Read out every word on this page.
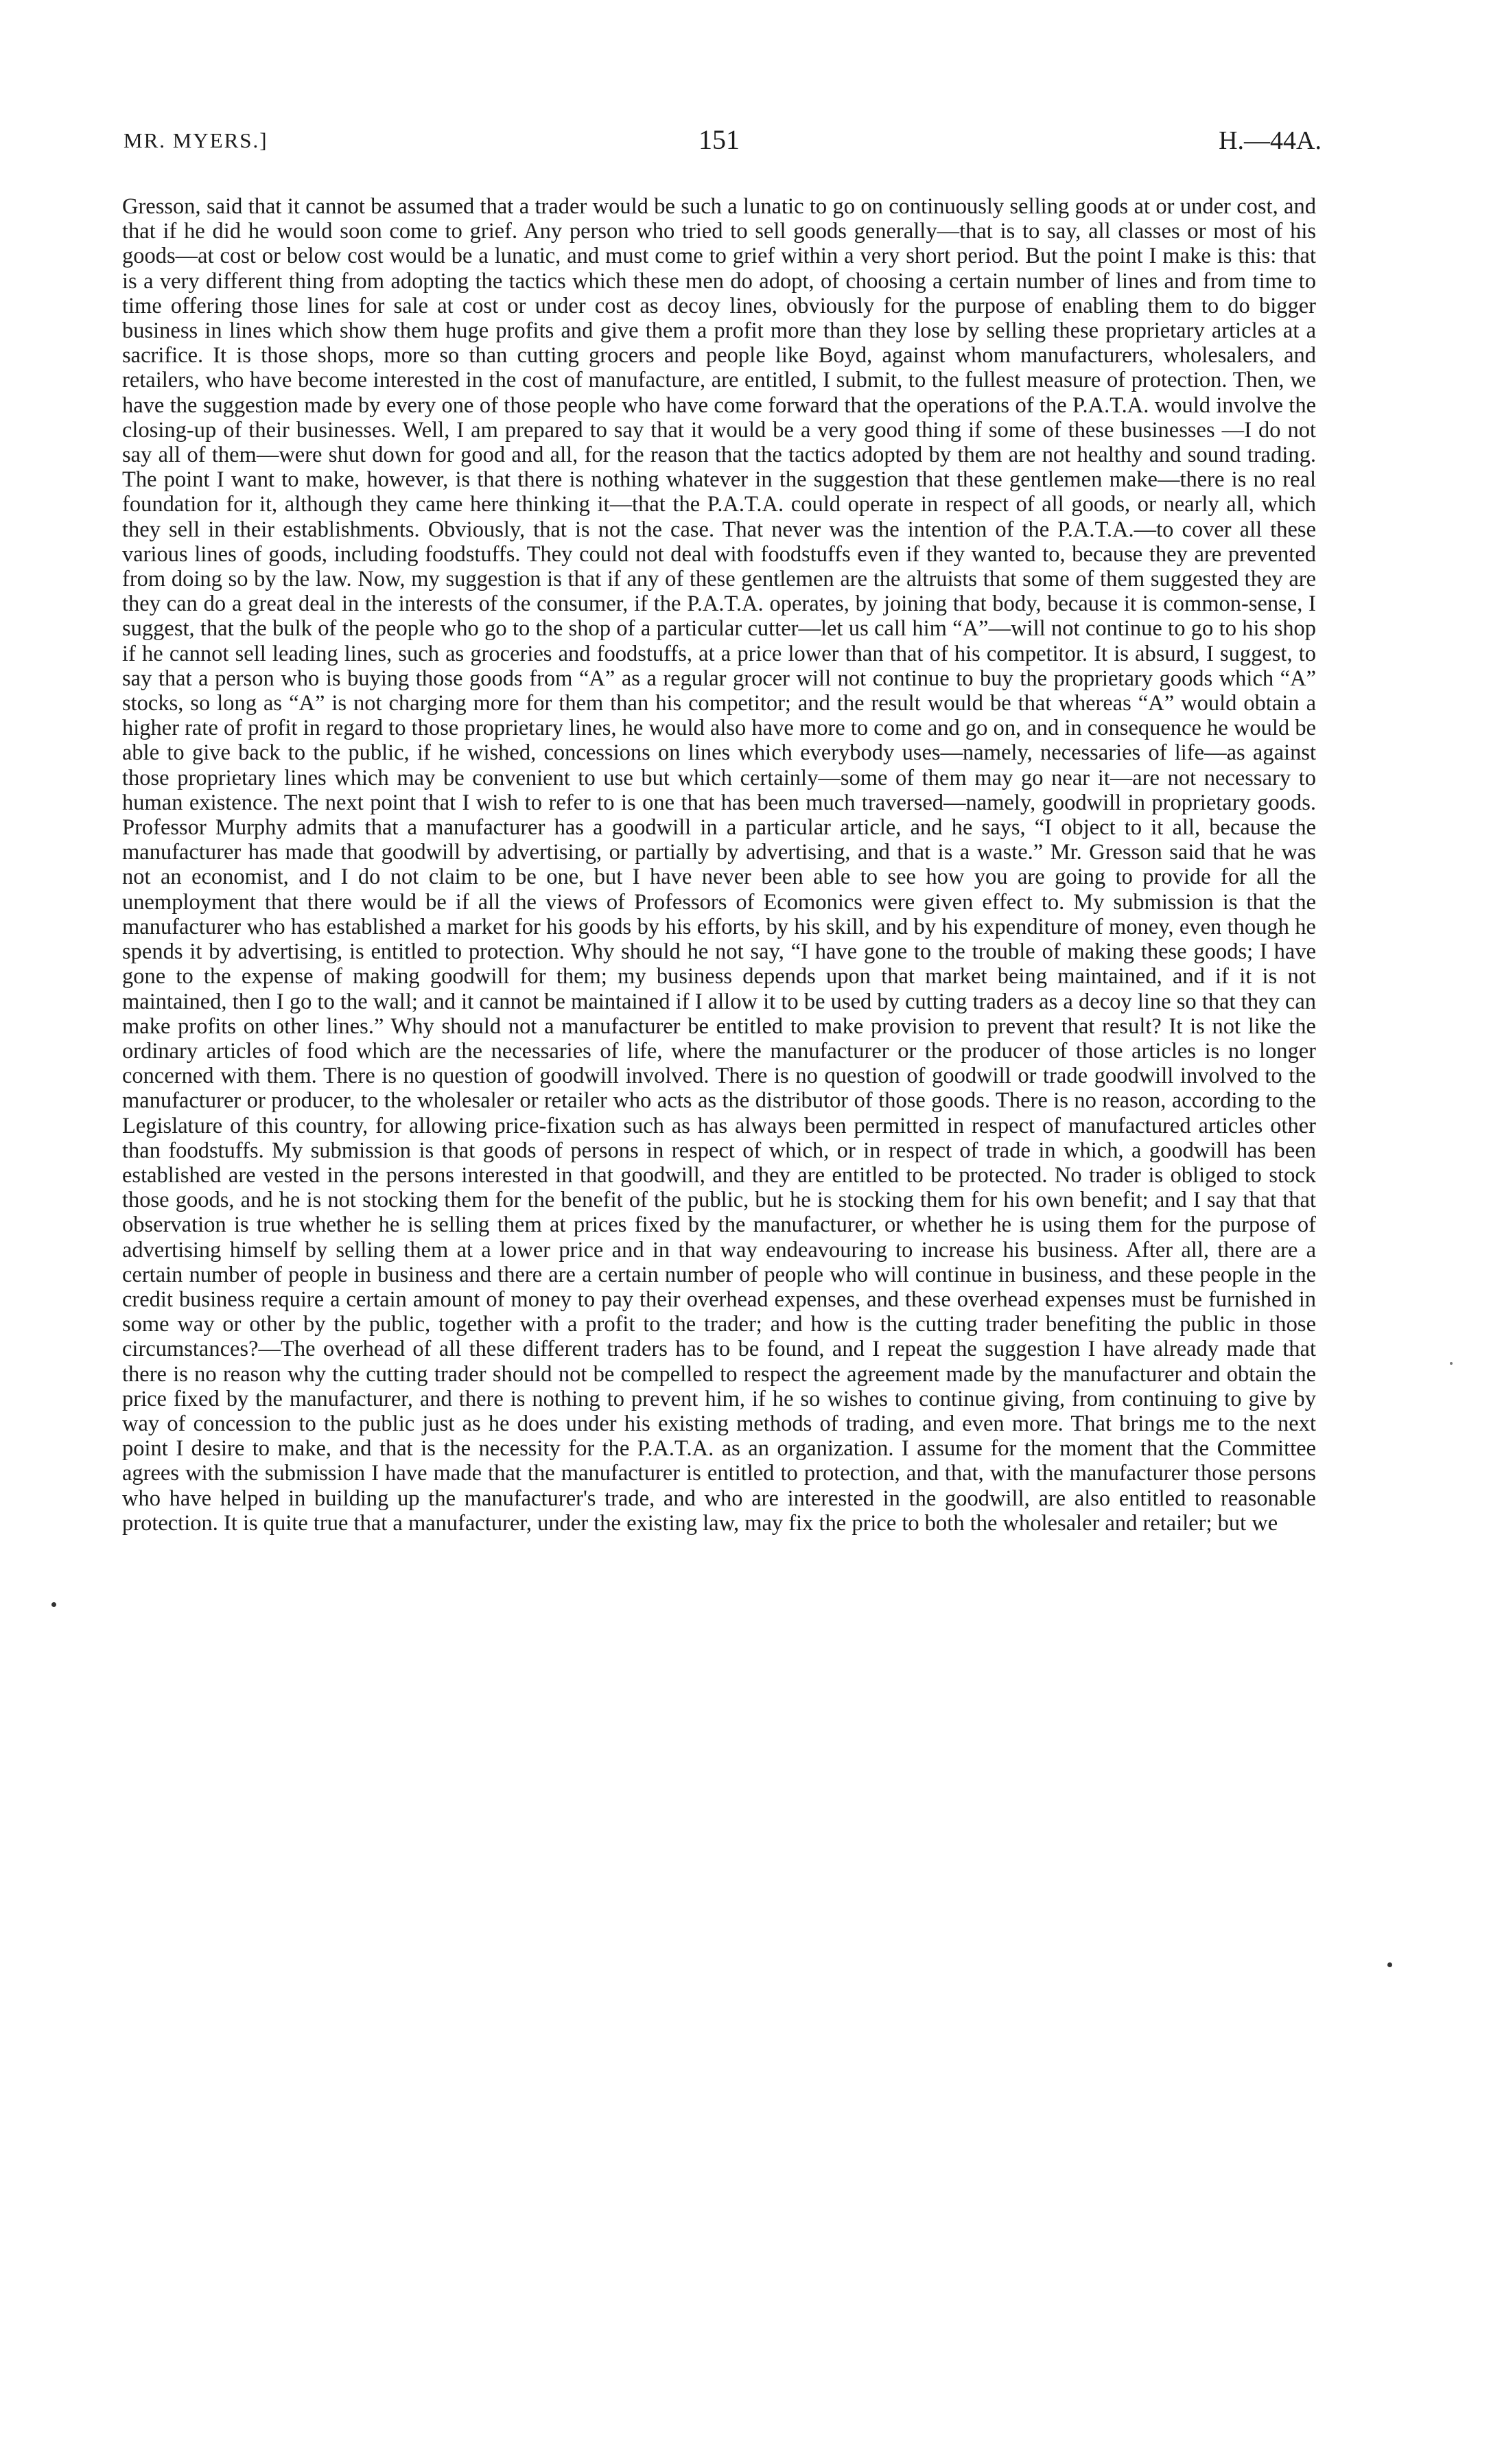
MR. MYERS.]	151	H.—44A.
Gresson, said that it cannot be assumed that a trader would be such a lunatic to go on continuously selling goods at or under cost, and that if he did he would soon come to grief. Any person who tried to sell goods generally—that is to say, all classes or most of his goods—at cost or below cost would be a lunatic, and must come to grief within a very short period. But the point I make is this: that is a very different thing from adopting the tactics which these men do adopt, of choosing a certain number of lines and from time to time offering those lines for sale at cost or under cost as decoy lines, obviously for the purpose of enabling them to do bigger business in lines which show them huge profits and give them a profit more than they lose by selling these proprietary articles at a sacrifice. It is those shops, more so than cutting grocers and people like Boyd, against whom manufacturers, wholesalers, and retailers, who have become interested in the cost of manufacture, are entitled, I submit, to the fullest measure of protection. Then, we have the suggestion made by every one of those people who have come forward that the operations of the P.A.T.A. would involve the closing-up of their businesses. Well, I am prepared to say that it would be a very good thing if some of these businesses —I do not say all of them—were shut down for good and all, for the reason that the tactics adopted by them are not healthy and sound trading. The point I want to make, however, is that there is nothing whatever in the suggestion that these gentlemen make—there is no real foundation for it, although they came here thinking it—that the P.A.T.A. could operate in respect of all goods, or nearly all, which they sell in their establishments. Obviously, that is not the case. That never was the intention of the P.A.T.A.—to cover all these various lines of goods, including foodstuffs. They could not deal with foodstuffs even if they wanted to, because they are prevented from doing so by the law. Now, my suggestion is that if any of these gentlemen are the altruists that some of them suggested they are they can do a great deal in the interests of the consumer, if the P.A.T.A. operates, by joining that body, because it is common-sense, I suggest, that the bulk of the people who go to the shop of a particular cutter—let us call him “A”—will not continue to go to his shop if he cannot sell leading lines, such as groceries and foodstuffs, at a price lower than that of his competitor. It is absurd, I suggest, to say that a person who is buying those goods from “A” as a regular grocer will not continue to buy the proprietary goods which “A” stocks, so long as “A” is not charging more for them than his competitor; and the result would be that whereas “A” would obtain a higher rate of profit in regard to those proprietary lines, he would also have more to come and go on, and in consequence he would be able to give back to the public, if he wished, concessions on lines which everybody uses—namely, necessaries of life—as against those proprietary lines which may be convenient to use but which certainly—some of them may go near it—are not necessary to human existence. The next point that I wish to refer to is one that has been much traversed—namely, goodwill in proprietary goods. Professor Murphy admits that a manufacturer has a goodwill in a particular article, and he says, “I object to it all, because the manufacturer has made that goodwill by advertising, or partially by advertising, and that is a waste.” Mr. Gresson said that he was not an economist, and I do not claim to be one, but I have never been able to see how you are going to provide for all the unemployment that there would be if all the views of Professors of Ecomonics were given effect to. My submission is that the manufacturer who has established a market for his goods by his efforts, by his skill, and by his expenditure of money, even though he spends it by advertising, is entitled to protection. Why should he not say, “I have gone to the trouble of making these goods; I have gone to the expense of making goodwill for them; my business depends upon that market being maintained, and if it is not maintained, then I go to the wall; and it cannot be maintained if I allow it to be used by cutting traders as a decoy line so that they can make profits on other lines.” Why should not a manufacturer be entitled to make provision to prevent that result? It is not like the ordinary articles of food which are the necessaries of life, where the manufacturer or the producer of those articles is no longer concerned with them. There is no question of goodwill involved. There is no question of goodwill or trade goodwill involved to the manufacturer or producer, to the wholesaler or retailer who acts as the distributor of those goods. There is no reason, according to the Legislature of this country, for allowing price-fixation such as has always been permitted in respect of manufactured articles other than foodstuffs. My submission is that goods of persons in respect of which, or in respect of trade in which, a goodwill has been established are vested in the persons interested in that goodwill, and they are entitled to be protected. No trader is obliged to stock those goods, and he is not stocking them for the benefit of the public, but he is stocking them for his own benefit; and I say that that observation is true whether he is selling them at prices fixed by the manufacturer, or whether he is using them for the purpose of advertising himself by selling them at a lower price and in that way endeavouring to increase his business. After all, there are a certain number of people in business and there are a certain number of people who will continue in business, and these people in the credit business require a certain amount of money to pay their overhead expenses, and these overhead expenses must be furnished in some way or other by the public, together with a profit to the trader; and how is the cutting trader benefiting the public in those circumstances?—The overhead of all these different traders has to be found, and I repeat the suggestion I have already made that there is no reason why the cutting trader should not be compelled to respect the agreement made by the manufacturer and obtain the price fixed by the manufacturer, and there is nothing to prevent him, if he so wishes to continue giving, from continuing to give by way of concession to the public just as he does under his existing methods of trading, and even more. That brings me to the next point I desire to make, and that is the necessity for the P.A.T.A. as an organization. I assume for the moment that the Committee agrees with the submission I have made that the manufacturer is entitled to protection, and that, with the manufacturer those persons who have helped in building up the manufacturer's trade, and who are interested in the goodwill, are also entitled to reasonable protection. It is quite true that a manufacturer, under the existing law, may fix the price to both the wholesaler and retailer; but we
